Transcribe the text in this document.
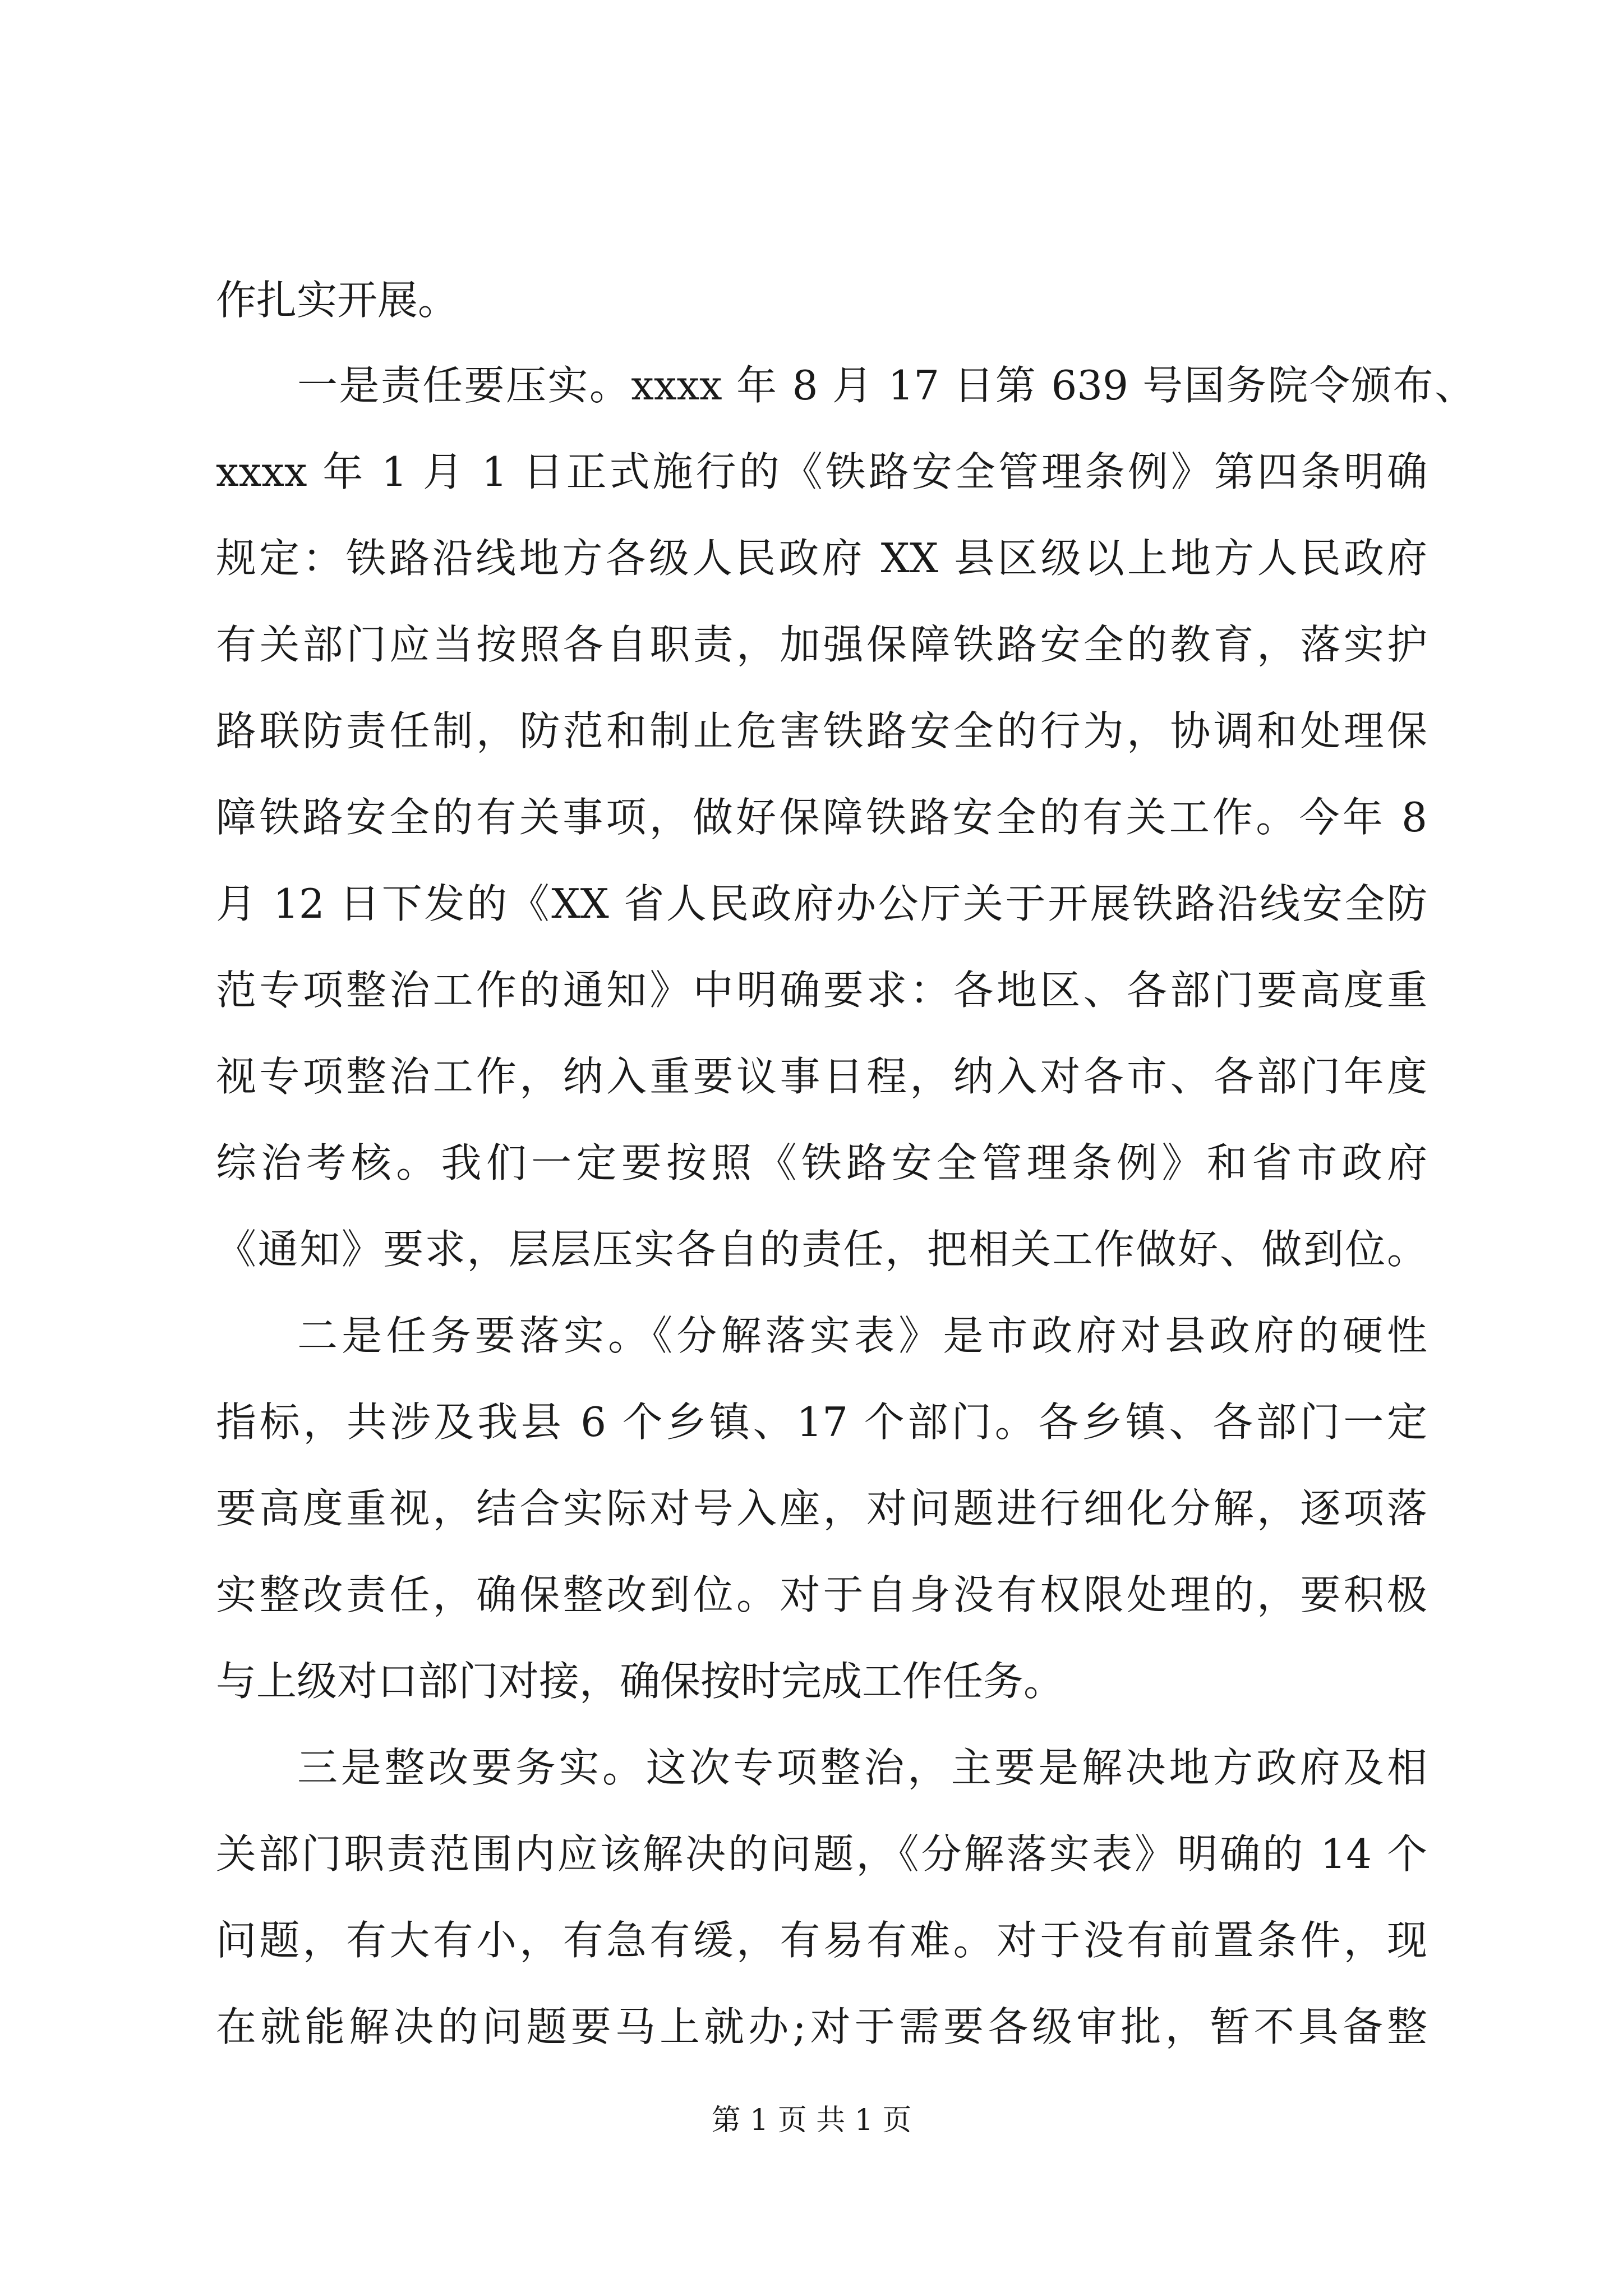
作扎实开展。
一是责任要压实。xxxx 年 8 月 17 日第 639 号国务院令颁布、
xxxx 年 1 月 1 日正式施行的《铁路安全管理条例》第四条明确
规定：铁路沿线地方各级人民政府 XX 县区级以上地方人民政府
有关部门应当按照各自职责，加强保障铁路安全的教育，落实护
路联防责任制，防范和制止危害铁路安全的行为，协调和处理保
障铁路安全的有关事项，做好保障铁路安全的有关工作。今年 8
月 12 日下发的《XX 省人民政府办公厅关于开展铁路沿线安全防
范专项整治工作的通知》中明确要求：各地区、各部门要高度重
视专项整治工作，纳入重要议事日程，纳入对各市、各部门年度
综治考核。我们一定要按照《铁路安全管理条例》和省市政府
《通知》要求，层层压实各自的责任，把相关工作做好、做到位。
二是任务要落实。《分解落实表》是市政府对县政府的硬性
指标，共涉及我县 6 个乡镇、17 个部门。各乡镇、各部门一定
要高度重视，结合实际对号入座，对问题进行细化分解，逐项落
实整改责任，确保整改到位。对于自身没有权限处理的，要积极
与上级对口部门对接，确保按时完成工作任务。
三是整改要务实。这次专项整治，主要是解决地方政府及相
关部门职责范围内应该解决的问题，《分解落实表》明确的 14 个
问题，有大有小，有急有缓，有易有难。对于没有前置条件，现
在就能解决的问题要马上就办;对于需要各级审批，暂不具备整
第 1 页 共 1 页
